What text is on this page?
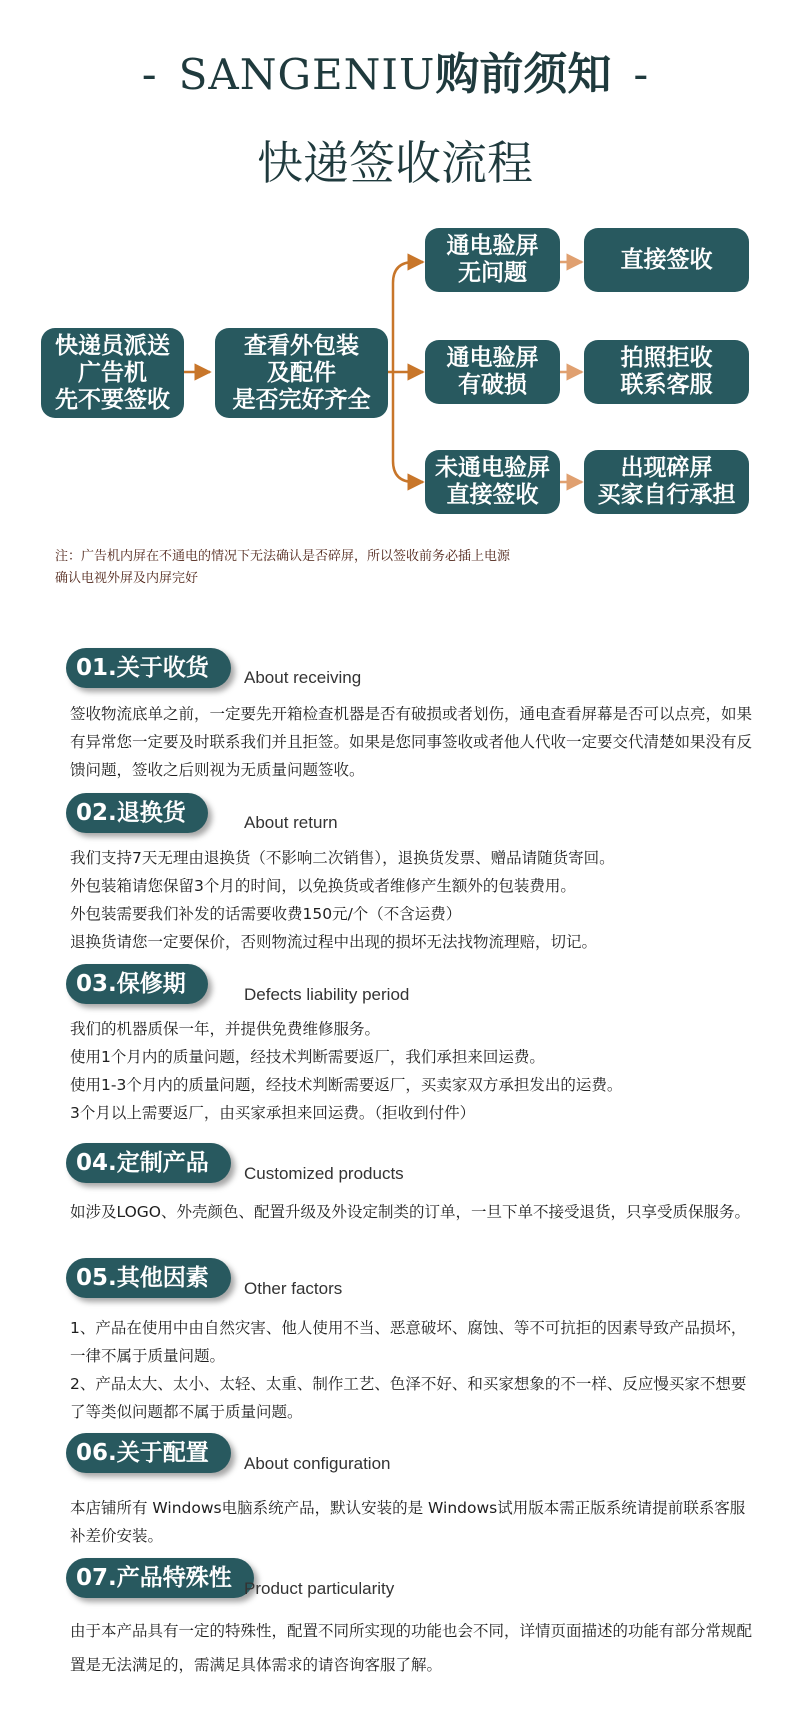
- SANGENIU购前须知 -
快递签收流程
快递员派送
广告机
先不要签收
查看外包装
及配件
是否完好齐全
通电验屏
无问题
直接签收
通电验屏
有破损
拍照拒收
联系客服
未通电验屏
直接签收
出现碎屏
买家自行承担
注：广告机内屏在不通电的情况下无法确认是否碎屏，所以签收前务必插上电源
确认电视外屏及内屏完好
01.关于收货	About receiving

签收物流底单之前，一定要先开箱检查机器是否有破损或者划伤，通电查看屏幕是否可以点亮，如果有异常您一定要及时联系我们并且拒签。如果是您同事签收或者他人代收一定要交代清楚如果没有反馈问题，签收之后则视为无质量问题签收。

02.退换货	About return

我们支持7天无理由退换货（不影响二次销售），退换货发票、赠品请随货寄回。

外包装箱请您保留3个月的时间，以免换货或者维修产生额外的包装费用。

外包装需要我们补发的话需要收费150元/个（不含运费）

退换货请您一定要保价，否则物流过程中出现的损坏无法找物流理赔，切记。

03.保修期	Defects liability period

我们的机器质保一年，并提供免费维修服务。

使用1个月内的质量问题，经技术判断需要返厂，我们承担来回运费。

使用1-3个月内的质量问题，经技术判断需要返厂，买卖家双方承担发出的运费。

3个月以上需要返厂，由买家承担来回运费。（拒收到付件）

04.定制产品	Customized products

如涉及LOGO、外壳颜色、配置升级及外设定制类的订单，一旦下单不接受退货，只享受质保服务。

05.其他因素	Other factors

1、产品在使用中由自然灾害、他人使用不当、恶意破坏、腐蚀、等不可抗拒的因素导致产品损坏，一律不属于质量问题。

2、产品太大、太小、太轻、太重、制作工艺、色泽不好、和买家想象的不一样、反应慢买家不想要了等类似问题都不属于质量问题。

06.关于配置	About configuration

本店铺所有 Windows电脑系统产品，默认安装的是 Windows试用版本需正版系统请提前联系客服补差价安装。

07.产品特殊性 Product particularity

由于本产品具有一定的特殊性，配置不同所实现的功能也会不同，详情页面描述的功能有部分常规配置是无法满足的，需满足具体需求的请咨询客服了解。
